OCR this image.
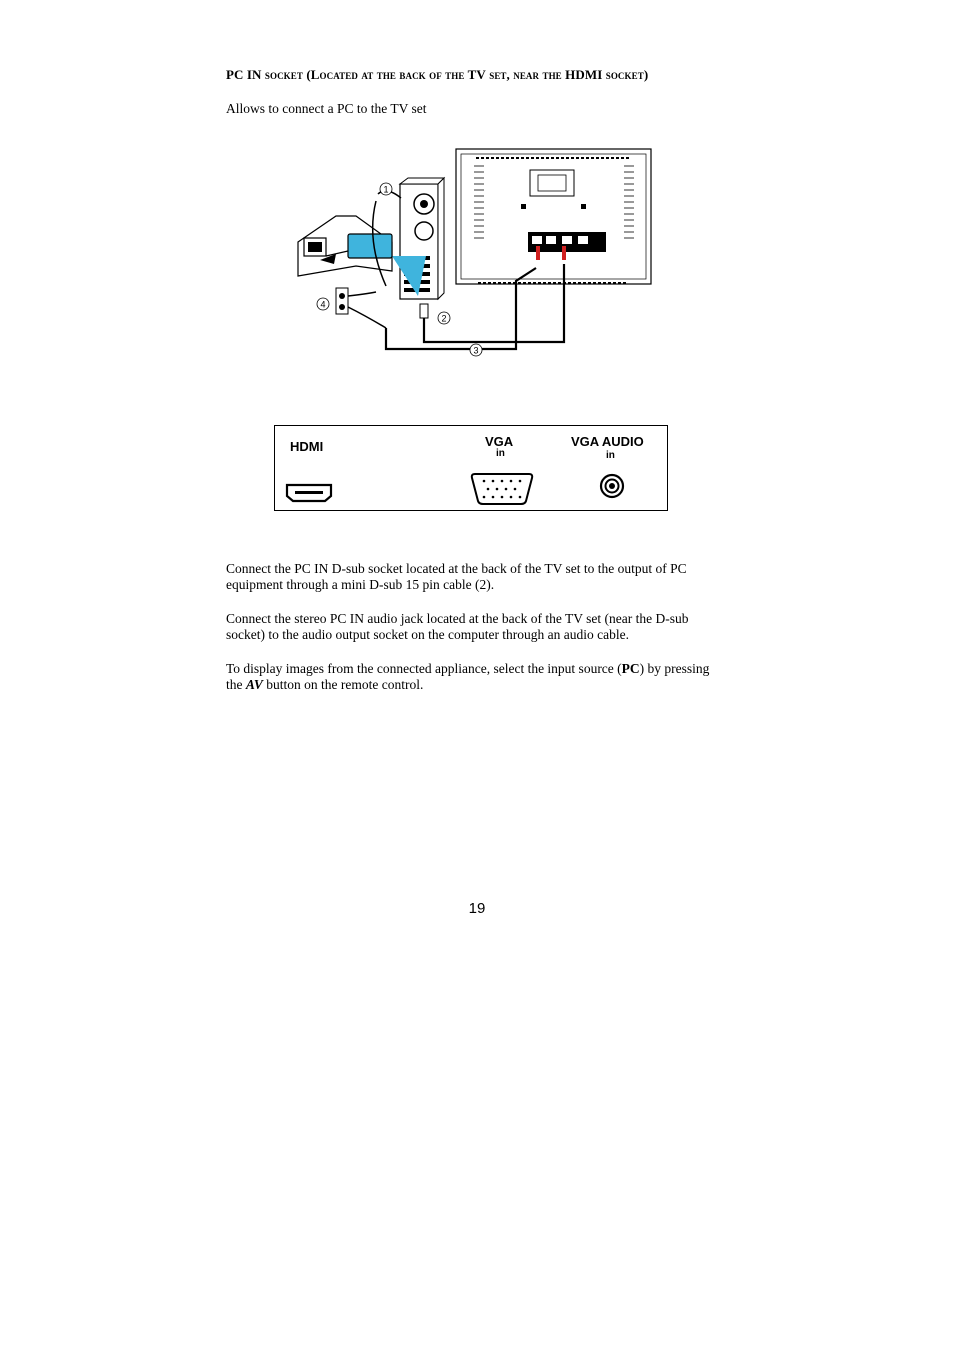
PC IN socket (Located at the back of the TV set, near the HDMI socket)
Allows to connect a PC to the TV set
1
2
3
4
HDMI	VGA
in
VGA AUDIO
in
Connect the PC IN D-sub socket located at the back of the TV set to the output of PC equipment through a mini D-sub 15 pin cable (2).
Connect the stereo PC IN audio jack located at the back of the TV set (near the D-sub socket) to the audio output socket on the computer through an audio cable.
To display images from the connected appliance, select the input source (PC) by pressing the AV button on the remote control.
19
